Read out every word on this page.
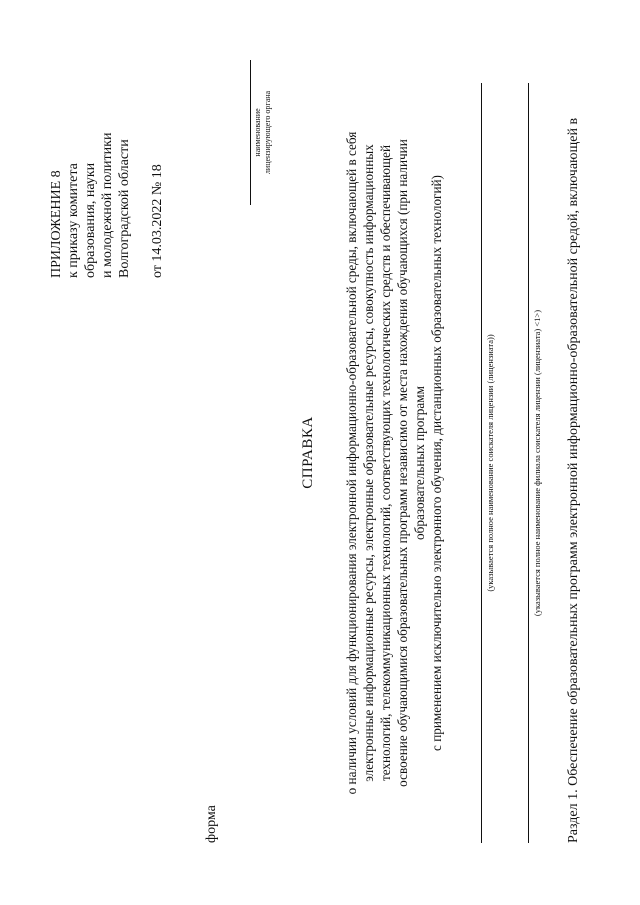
ПРИЛОЖЕНИЕ 8 к приказу комитета образования, науки и молодежной политики Волгоградской области от 14.03.2022 № 18
наименование лицензирующего органа
форма
СПРАВКА о наличии условий для функционирования электронной информационно-образовательной среды, включающей в себя электронные информационные ресурсы, электронные образовательные ресурсы, совокупность информационных технологий, телекоммуникационных технологий, соответствующих технологических средств и обеспечивающей освоение обучающимися образовательных программ независимо от места нахождения обучающихся (при наличии образовательных программ с применением исключительно электронного обучения, дистанционных образовательных технологий)	(указывается полное наименование соискателя лицензии (лицензиата))	(указывается полное наименование филиала соискателя лицензии (лицензиата) <1>) Раздел 1. Обеспечение образовательных программ электронной информационно-образовательной средой, включающей в
